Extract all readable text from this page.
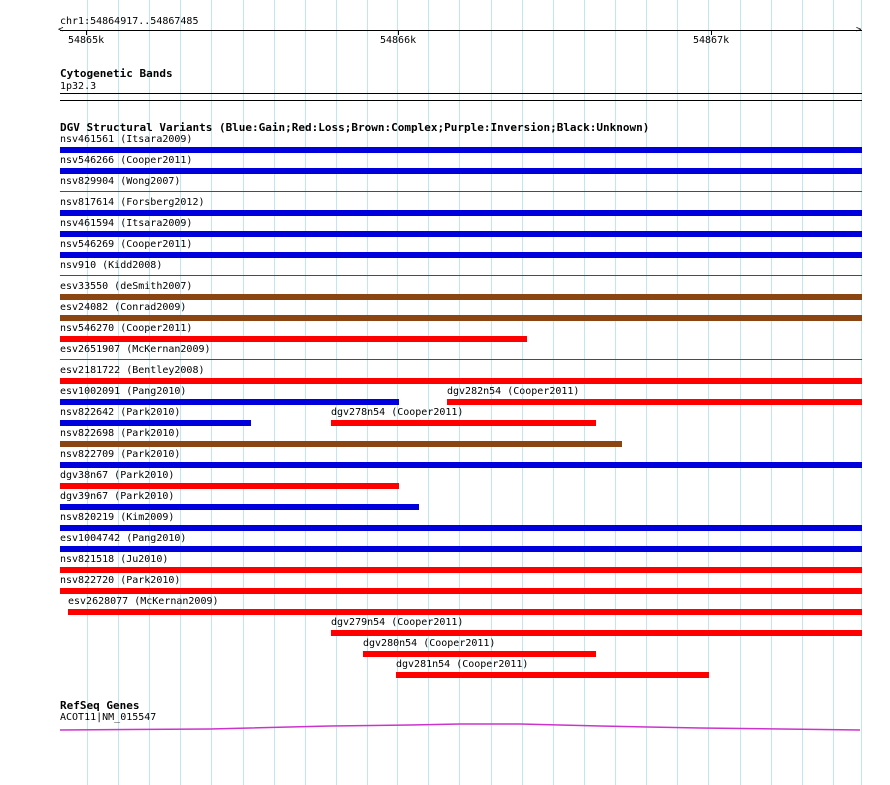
chr1:54864917..54867485
<	>
54865k	54866k	54867k
Cytogenetic Bands
1p32.3
DGV Structural Variants (Blue:Gain;Red:Loss;Brown:Complex;Purple:Inversion;Black:Unknown)
nsv461561 (Itsara2009)
nsv546266 (Cooper2011)
nsv829904 (Wong2007)
nsv817614 (Forsberg2012)
nsv461594 (Itsara2009)
nsv546269 (Cooper2011)
nsv910 (Kidd2008)
esv33550 (deSmith2007)
esv24082 (Conrad2009)
nsv546270 (Cooper2011)
esv2651907 (McKernan2009)
esv2181722 (Bentley2008)
esv1002091 (Pang2010)	dgv282n54 (Cooper2011)
nsv822642 (Park2010)	dgv278n54 (Cooper2011)
nsv822698 (Park2010)
nsv822709 (Park2010)
dgv38n67 (Park2010)
dgv39n67 (Park2010)
nsv820219 (Kim2009)
esv1004742 (Pang2010)
nsv821518 (Ju2010)
nsv822720 (Park2010)
esv2628077 (McKernan2009)
dgv279n54 (Cooper2011)
dgv280n54 (Cooper2011)
dgv281n54 (Cooper2011)
RefSeq Genes
ACOT11|NM_015547
